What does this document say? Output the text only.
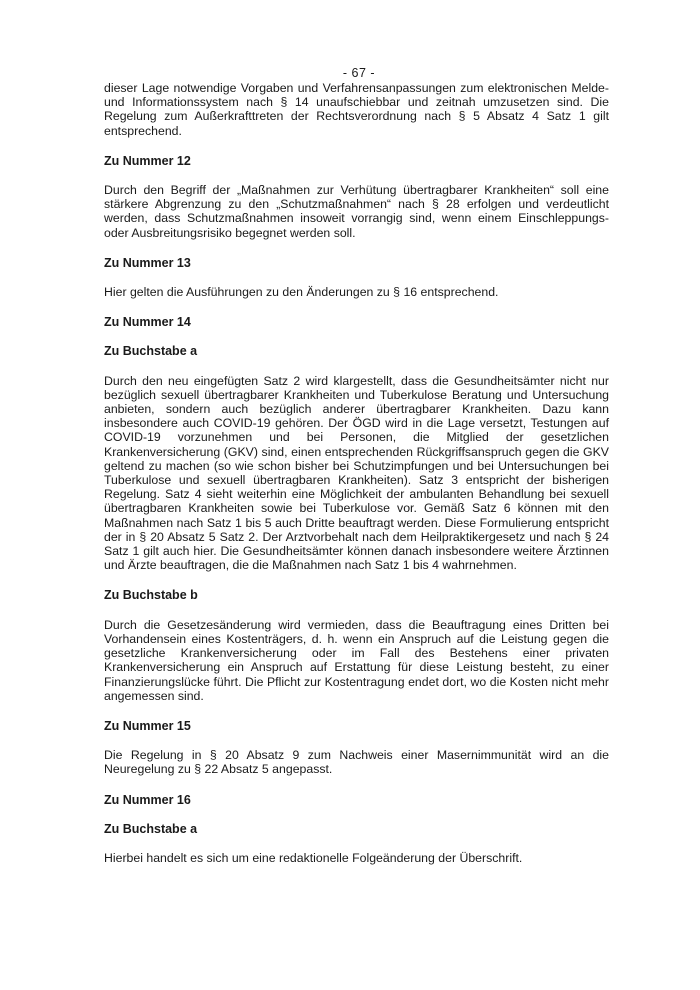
- 67 -

dieser Lage notwendige Vorgaben und Verfahrensanpassungen zum elektronischen Melde- und Informationssystem nach § 14 unaufschiebbar und zeitnah umzusetzen sind. Die Regelung zum Außerkrafttreten der Rechtsverordnung nach § 5 Absatz 4 Satz 1 gilt entsprechend.

Zu Nummer 12

Durch den Begriff der „Maßnahmen zur Verhütung übertragbarer Krankheiten“ soll eine stärkere Abgrenzung zu den „Schutzmaßnahmen“ nach § 28 erfolgen und verdeutlicht werden, dass Schutzmaßnahmen insoweit vorrangig sind, wenn einem Einschleppungs- oder Ausbreitungsrisiko begegnet werden soll.

Zu Nummer 13

Hier gelten die Ausführungen zu den Änderungen zu § 16 entsprechend.

Zu Nummer 14

Zu Buchstabe a

Durch den neu eingefügten Satz 2 wird klargestellt, dass die Gesundheitsämter nicht nur bezüglich sexuell übertragbarer Krankheiten und Tuberkulose Beratung und Untersuchung anbieten, sondern auch bezüglich anderer übertragbarer Krankheiten. Dazu kann insbesondere auch COVID-19 gehören. Der ÖGD wird in die Lage versetzt, Testungen auf COVID-19 vorzunehmen und bei Personen, die Mitglied der gesetzlichen Krankenversicherung (GKV) sind, einen entsprechenden Rückgriffsanspruch gegen die GKV geltend zu machen (so wie schon bisher bei Schutzimpfungen und bei Untersuchungen bei Tuberkulose und sexuell übertragbaren Krankheiten). Satz 3 entspricht der bisherigen Regelung. Satz 4 sieht weiterhin eine Möglichkeit der ambulanten Behandlung bei sexuell übertragbaren Krankheiten sowie bei Tuberkulose vor. Gemäß Satz 6 können mit den Maßnahmen nach Satz 1 bis 5 auch Dritte beauftragt werden. Diese Formulierung entspricht der in § 20 Absatz 5 Satz 2. Der Arztvorbehalt nach dem Heilpraktikergesetz und nach § 24 Satz 1 gilt auch hier. Die Gesundheitsämter können danach insbesondere weitere Ärztinnen und Ärzte beauftragen, die die Maßnahmen nach Satz 1 bis 4 wahrnehmen.

Zu Buchstabe b

Durch die Gesetzesänderung wird vermieden, dass die Beauftragung eines Dritten bei Vorhandensein eines Kostenträgers, d. h. wenn ein Anspruch auf die Leistung gegen die gesetzliche Krankenversicherung oder im Fall des Bestehens einer privaten Krankenversicherung ein Anspruch auf Erstattung für diese Leistung besteht, zu einer Finanzierungslücke führt. Die Pflicht zur Kostentragung endet dort, wo die Kosten nicht mehr angemessen sind.

Zu Nummer 15

Die Regelung in § 20 Absatz 9 zum Nachweis einer Masernimmunität wird an die Neuregelung zu § 22 Absatz 5 angepasst.

Zu Nummer 16

Zu Buchstabe a

Hierbei handelt es sich um eine redaktionelle Folgeänderung der Überschrift.
